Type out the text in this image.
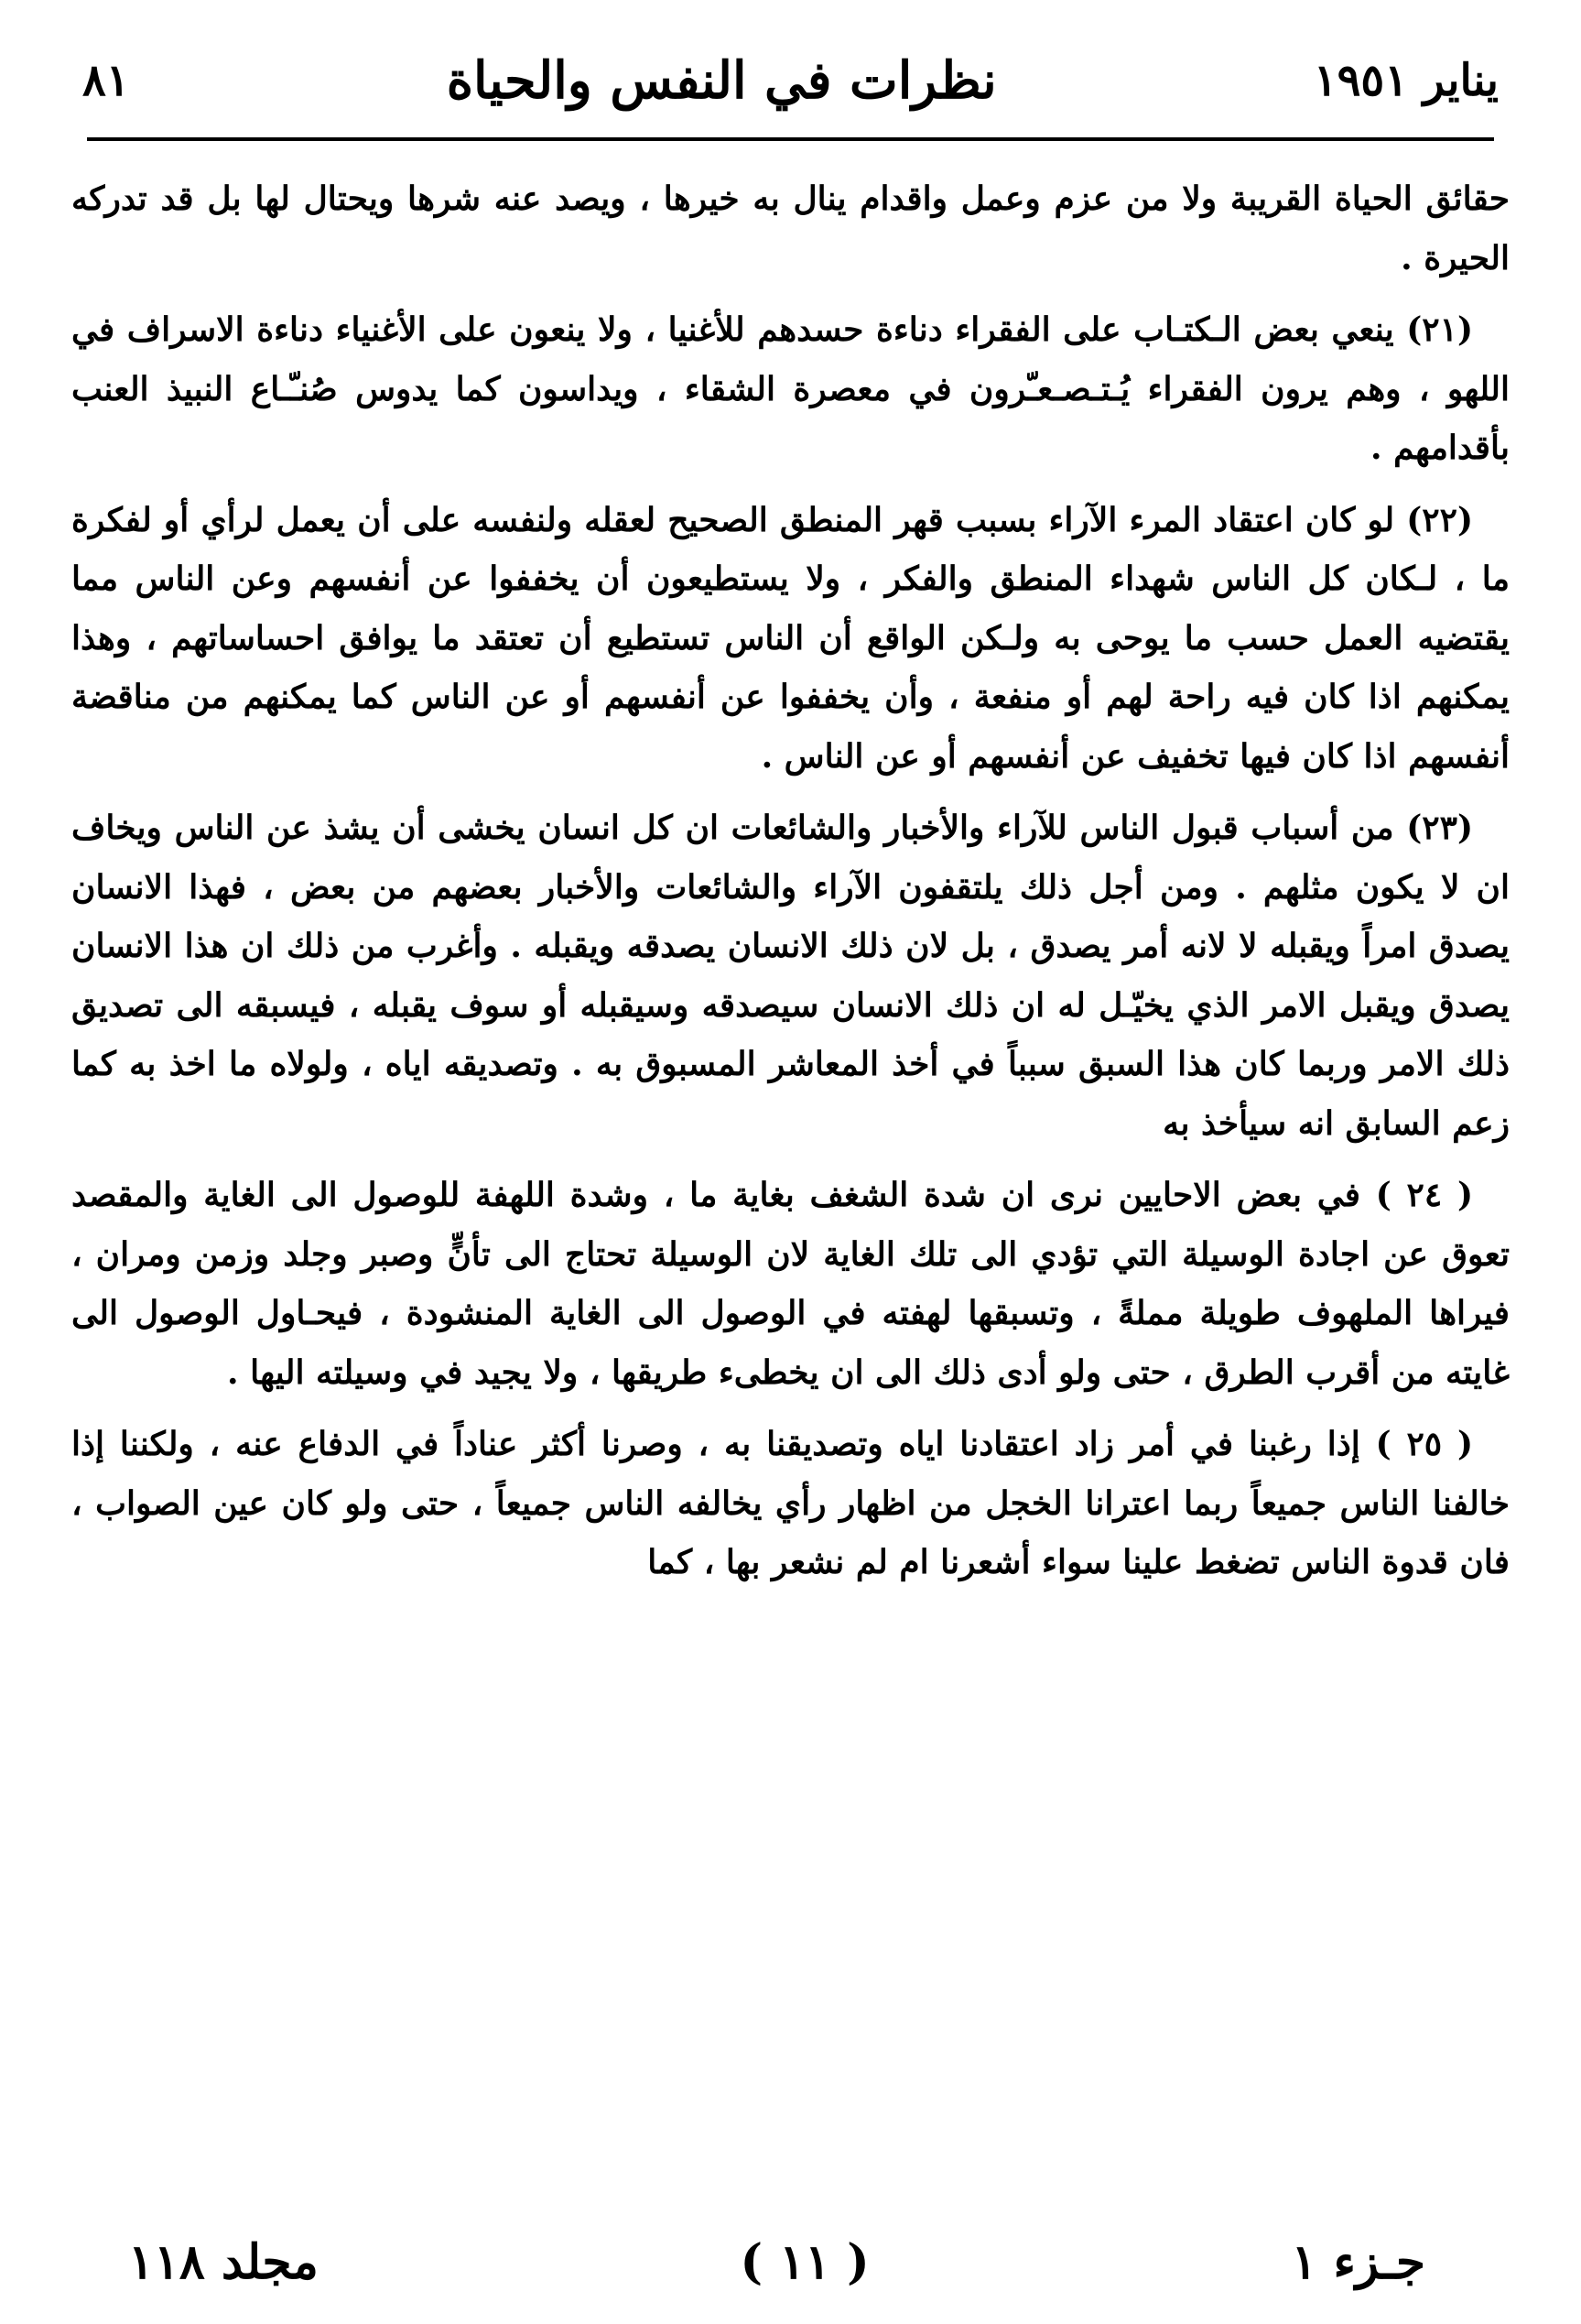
يناير ١٩٥١
نظرات في النفس والحياة
٨١

حقائق الحياة القريبة ولا من عزم وعمل واقدام ينال به خيرها ، ويصد عنه شرها ويحتال لها بل قد تدركه الحيرة .

(٢١) ينعي بعض الـكتـاب على الفقراء دناءة حسدهم للأغنيا ، ولا ينعون على الأغنياء دناءة الاسراف في اللهو ، وهم يرون الفقراء يُـتـصـعـّرون في معصرة الشقاء ، ويداسون كما يدوس صُنـّـاع النبيذ العنب بأقدامهم .

(٢٢) لو كان اعتقاد المرء الآراء بسبب قهر المنطق الصحيح لعقله ولنفسه على أن يعمل لرأي أو لفكرة ما ، لـكان كل الناس شهداء المنطق والفكر ، ولا يستطيعون أن يخففوا عن أنفسهم وعن الناس مما يقتضيه العمل حسب ما يوحى به ولـكن الواقع أن الناس تستطيع أن تعتقد ما يوافق احساساتهم ، وهذا يمكنهم اذا كان فيه راحة لهم أو منفعة ، وأن يخففوا عن أنفسهم أو عن الناس كما يمكنهم من مناقضة أنفسهم اذا كان فيها تخفيف عن أنفسهم أو عن الناس .

(٢٣) من أسباب قبول الناس للآراء والأخبار والشائعات ان كل انسان يخشى أن يشذ عن الناس ويخاف ان لا يكون مثلهم . ومن أجل ذلك يلتقفون الآراء والشائعات والأخبار بعضهم من بعض ، فهذا الانسان يصدق امراً ويقبله لا لانه أمر يصدق ، بل لان ذلك الانسان يصدقه ويقبله . وأغرب من ذلك ان هذا الانسان يصدق ويقبل الامر الذي يخيّـل له ان ذلك الانسان سيصدقه وسيقبله أو سوف يقبله ، فيسبقه الى تصديق ذلك الامر وربما كان هذا السبق سبباً في أخذ المعاشر المسبوق به . وتصديقه اياه ، ولولاه ما اخذ به كما زعم السابق انه سيأخذ به

( ٢٤ ) في بعض الاحايين نرى ان شدة الشغف بغاية ما ، وشدة اللهفة للوصول الى الغاية والمقصد تعوق عن اجادة الوسيلة التي تؤدي الى تلك الغاية لان الوسيلة تحتاج الى تأنٍّ وصبر وجلد وزمن ومران ، فيراها الملهوف طويلة مملةً ، وتسبقها لهفته في الوصول الى الغاية المنشودة ، فيحـاول الوصول الى غايته من أقرب الطرق ، حتى ولو أدى ذلك الى ان يخطىء طريقها ، ولا يجيد في وسيلته اليها .

( ٢٥ ) إذا رغبنا في أمر زاد اعتقادنا اياه وتصديقنا به ، وصرنا أكثر عناداً في الدفاع عنه ، ولكننا إذا خالفنا الناس جميعاً ربما اعترانا الخجل من اظهار رأي يخالفه الناس جميعاً ، حتى ولو كان عين الصواب ، فان قدوة الناس تضغط علينا سواء أشعرنا ام لم نشعر بها ، كما

جـزء ١
( ١١ )
مجلد ١١٨
